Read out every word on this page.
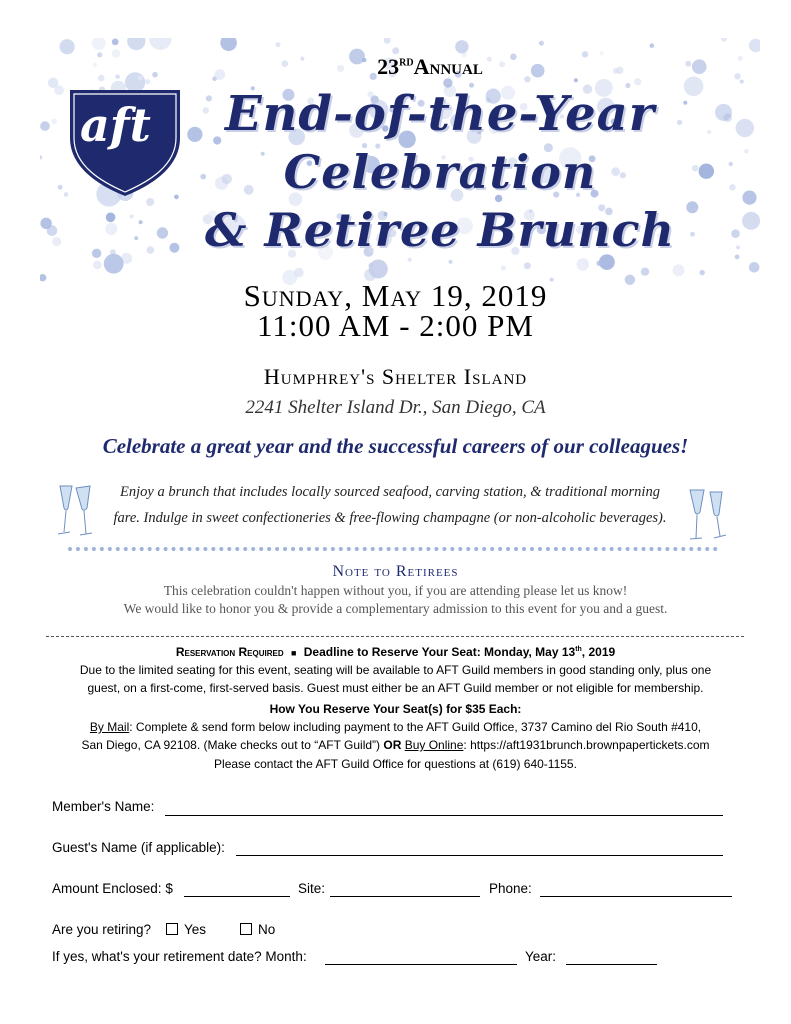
aft
23RDAnnual
End-of-the-Year
Celebration
& Retiree Brunch
Sunday, May 19, 2019
11:00 AM - 2:00 PM
Humphrey's Shelter Island
2241 Shelter Island Dr., San Diego, CA
Celebrate a great year and the successful careers of our colleagues!
Enjoy a brunch that includes locally sourced seafood, carving station, & traditional morning
fare. Indulge in sweet confectioneries & free-flowing champagne (or non-alcoholic beverages).
Note to Retirees
This celebration couldn't happen without you, if you are attending please let us know!
We would like to honor you & provide a complementary admission to this event for you and a guest.
Reservation Required ■ Deadline to Reserve Your Seat: Monday, May 13th, 2019
Due to the limited seating for this event, seating will be available to AFT Guild members in good standing only, plus one
guest, on a first-come, first-served basis. Guest must either be an AFT Guild member or not eligible for membership.
How You Reserve Your Seat(s) for $35 Each:
By Mail: Complete & send form below including payment to the AFT Guild Office, 3737 Camino del Rio South #410,
San Diego, CA 92108. (Make checks out to “AFT Guild”) OR Buy Online: https://aft1931brunch.brownpapertickets.com
Please contact the AFT Guild Office for questions at (619) 640-1155.
Member's Name:
Guest's Name (if applicable):
Amount Enclosed: $	Site:	Phone:
Are you retiring?	Yes	No
If yes, what's your retirement date? Month:	Year:
